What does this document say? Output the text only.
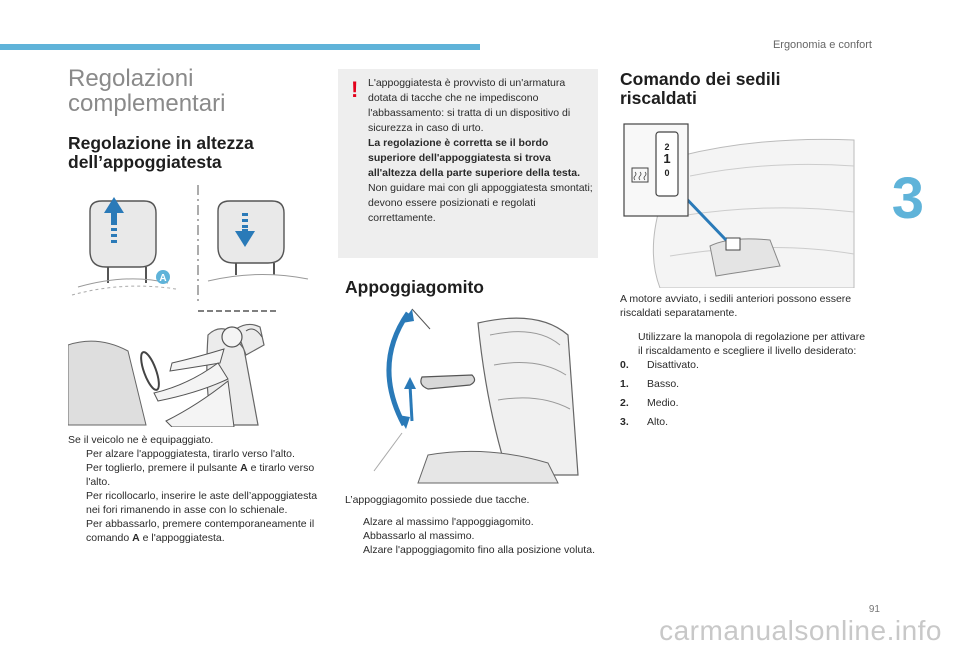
Ergonomia e confort
3
Regolazioni complementari
Regolazione in altezza dell’appoggiatesta
A
Se il veicolo ne è equipaggiato.
Per alzare l'appoggiatesta, tirarlo verso l'alto.
Per toglierlo, premere il pulsante A e tirarlo verso l'alto.
Per ricollocarlo, inserire le aste dell’appoggiatesta nei fori rimanendo in asse con lo schienale.
Per abbassarlo, premere contemporaneamente il comando A e l'appoggiatesta.
! L'appoggiatesta è provvisto di un'armatura dotata di tacche che ne impediscono l'abbassamento: si tratta di un dispositivo di sicurezza in caso di urto.
La regolazione è corretta se il bordo superiore dell'appoggiatesta si trova all'altezza della parte superiore della testa.
Non guidare mai con gli appoggiatesta smontati; devono essere posizionati e regolati correttamente.
Appoggiagomito
L’appoggiagomito possiede due tacche.
Alzare al massimo l'appoggiagomito.
Abbassarlo al massimo.
Alzare l'appoggiagomito fino alla posizione voluta.
Comando dei sedili riscaldati
2
1
0
A motore avviato, i sedili anteriori possono essere riscaldati separatamente.
Utilizzare la manopola di regolazione per attivare il riscaldamento e scegliere il livello desiderato:
0.	Disattivato.
1.	Basso.
2.	Medio.
3.	Alto.
91
carmanualsonline.info
